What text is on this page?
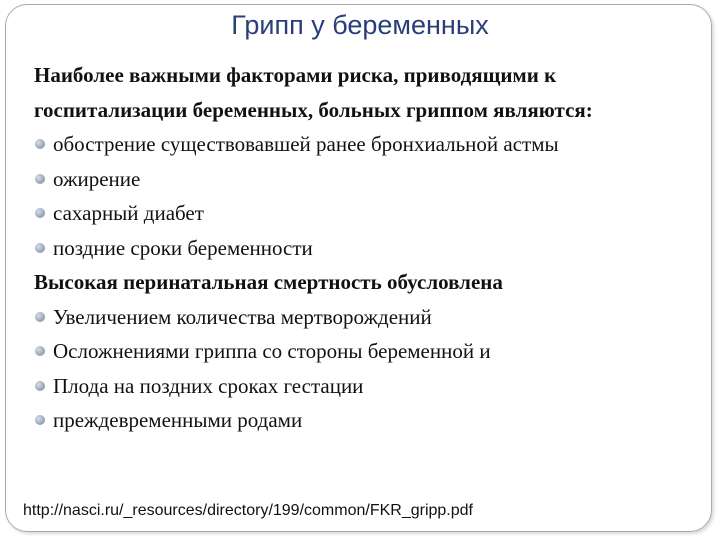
Грипп у беременных
Наиболее важными факторами риска, приводящими к
госпитализации беременных, больных гриппом являются:
обострение существовавшей ранее бронхиальной астмы
ожирение
сахарный диабет
поздние сроки беременности
Высокая перинатальная смертность обусловлена
Увеличением количества мертворождений
Осложнениями гриппа со стороны беременной и
Плода на поздних сроках гестации
преждевременными родами
http://nasci.ru/_resources/directory/199/common/FKR_gripp.pdf
